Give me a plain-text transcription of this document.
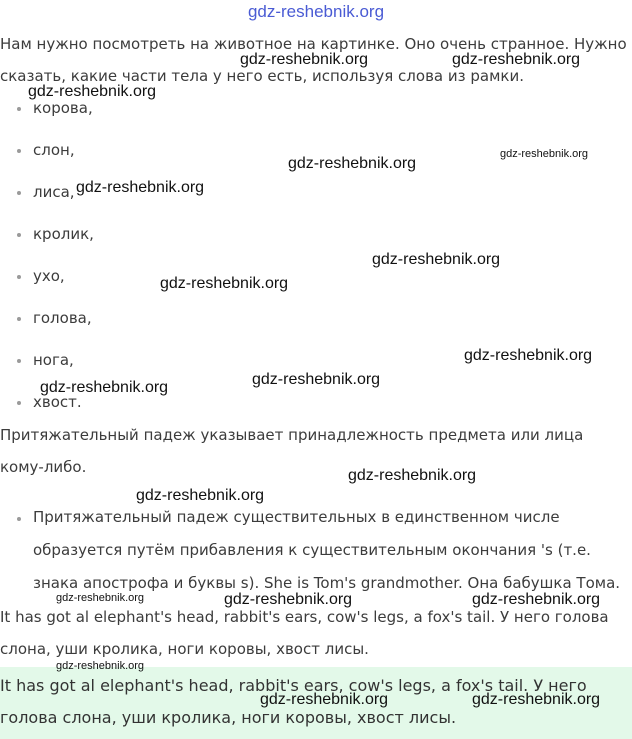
gdz-reshebnik.org

Нам нужно посмотреть на животное на картинке. Оно очень странное. Нужно сказать, какие части тела у него есть, используя слова из рамки.

корова,
слон,
лиса,
кролик,
ухо,
голова,
нога,
хвост.

Притяжательный падеж указывает принадлежность предмета или лица кому-либо.

Притяжательный падеж существительных в единственном числе образуется путём прибавления к существительным окончания 's (т.е. знака апострофа и буквы s). She is Tom's grandmother. Она бабушка Тома.

It has got al elephant's head, rabbit's ears, cow's legs, a fox's tail. У него голова слона, уши кролика, ноги коровы, хвост лисы.

It has got al elephant's head, rabbit's ears, cow's legs, a fox's tail. У него голова слона, уши кролика, ноги коровы, хвост лисы.
gdz-reshebnik.org	gdz-reshebnik.org
gdz-reshebnik.org
gdz-reshebnik.org
gdz-reshebnik.org
gdz-reshebnik.org
gdz-reshebnik.org
gdz-reshebnik.org
gdz-reshebnik.org
gdz-reshebnik.org
gdz-reshebnik.org
gdz-reshebnik.org
gdz-reshebnik.org
gdz-reshebnik.org	gdz-reshebnik.org	gdz-reshebnik.org
gdz-reshebnik.org
gdz-reshebnik.org	gdz-reshebnik.org
